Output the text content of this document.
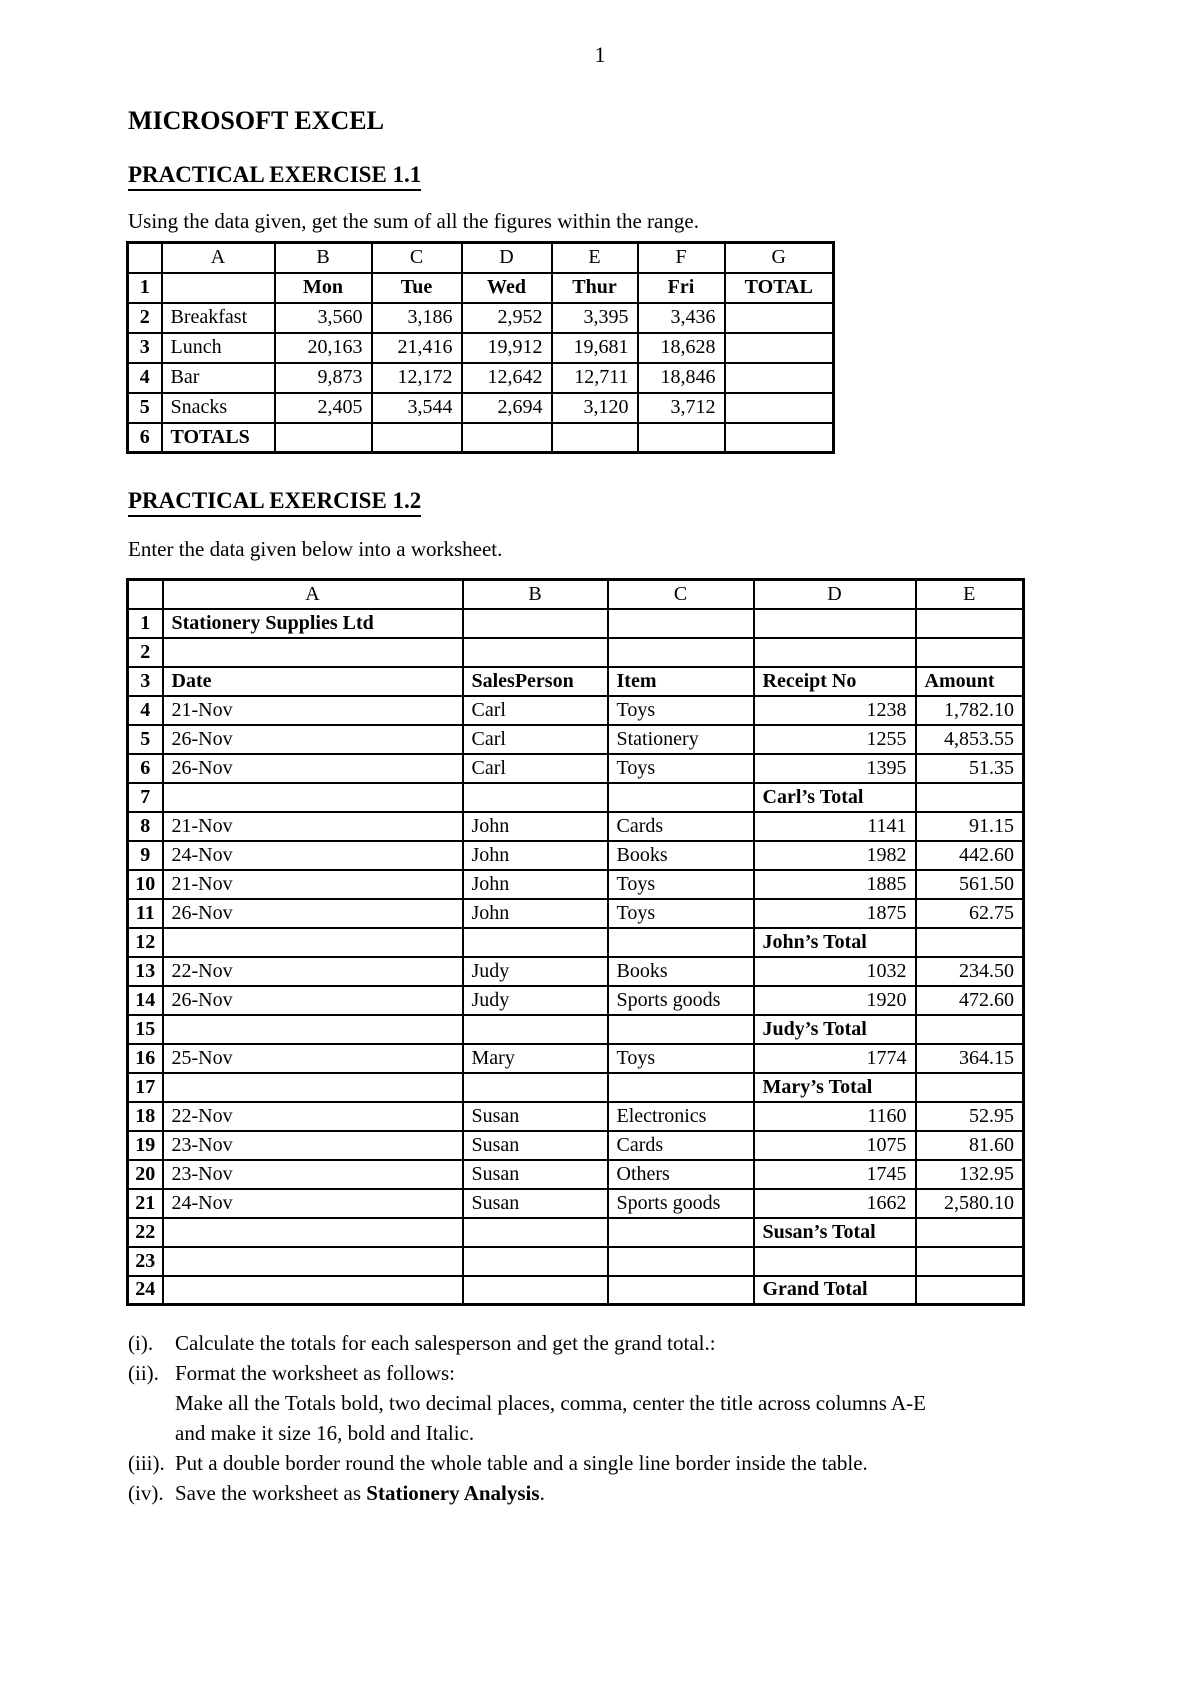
1
MICROSOFT EXCEL
PRACTICAL EXERCISE 1.1
Using the data given, get the sum of all the figures within the range.
	A	B	C	D	E	F	G
1		Mon	Tue	Wed	Thur	Fri	TOTAL
2	Breakfast	3,560	3,186	2,952	3,395	3,436	
3	Lunch	20,163	21,416	19,912	19,681	18,628	
4	Bar	9,873	12,172	12,642	12,711	18,846	
5	Snacks	2,405	3,544	2,694	3,120	3,712	
6	TOTALS						
PRACTICAL EXERCISE 1.2
Enter the data given below into a worksheet.
	A	B	C	D	E
1	Stationery Supplies Ltd				
2					
3	Date	SalesPerson	Item	Receipt No	Amount
4	21-Nov	Carl	Toys	1238	1,782.10
5	26-Nov	Carl	Stationery	1255	4,853.55
6	26-Nov	Carl	Toys	1395	51.35
7				Carl’s Total	
8	21-Nov	John	Cards	1141	91.15
9	24-Nov	John	Books	1982	442.60
10	21-Nov	John	Toys	1885	561.50
11	26-Nov	John	Toys	1875	62.75
12				John’s Total	
13	22-Nov	Judy	Books	1032	234.50
14	26-Nov	Judy	Sports goods	1920	472.60
15				Judy’s Total	
16	25-Nov	Mary	Toys	1774	364.15
17				Mary’s Total	
18	22-Nov	Susan	Electronics	1160	52.95
19	23-Nov	Susan	Cards	1075	81.60
20	23-Nov	Susan	Others	1745	132.95
21	24-Nov	Susan	Sports goods	1662	2,580.10
22				Susan’s Total	
23					
24				Grand Total	
(i).	Calculate the totals for each salesperson and get the grand total.:
(ii). Format the worksheet as follows:
Make all the Totals bold, two decimal places, comma, center the title across columns A-E
and make it size 16, bold and Italic.
(iii). Put a double border round the whole table and a single line border inside the table.
(iv). Save the worksheet as Stationery Analysis.
